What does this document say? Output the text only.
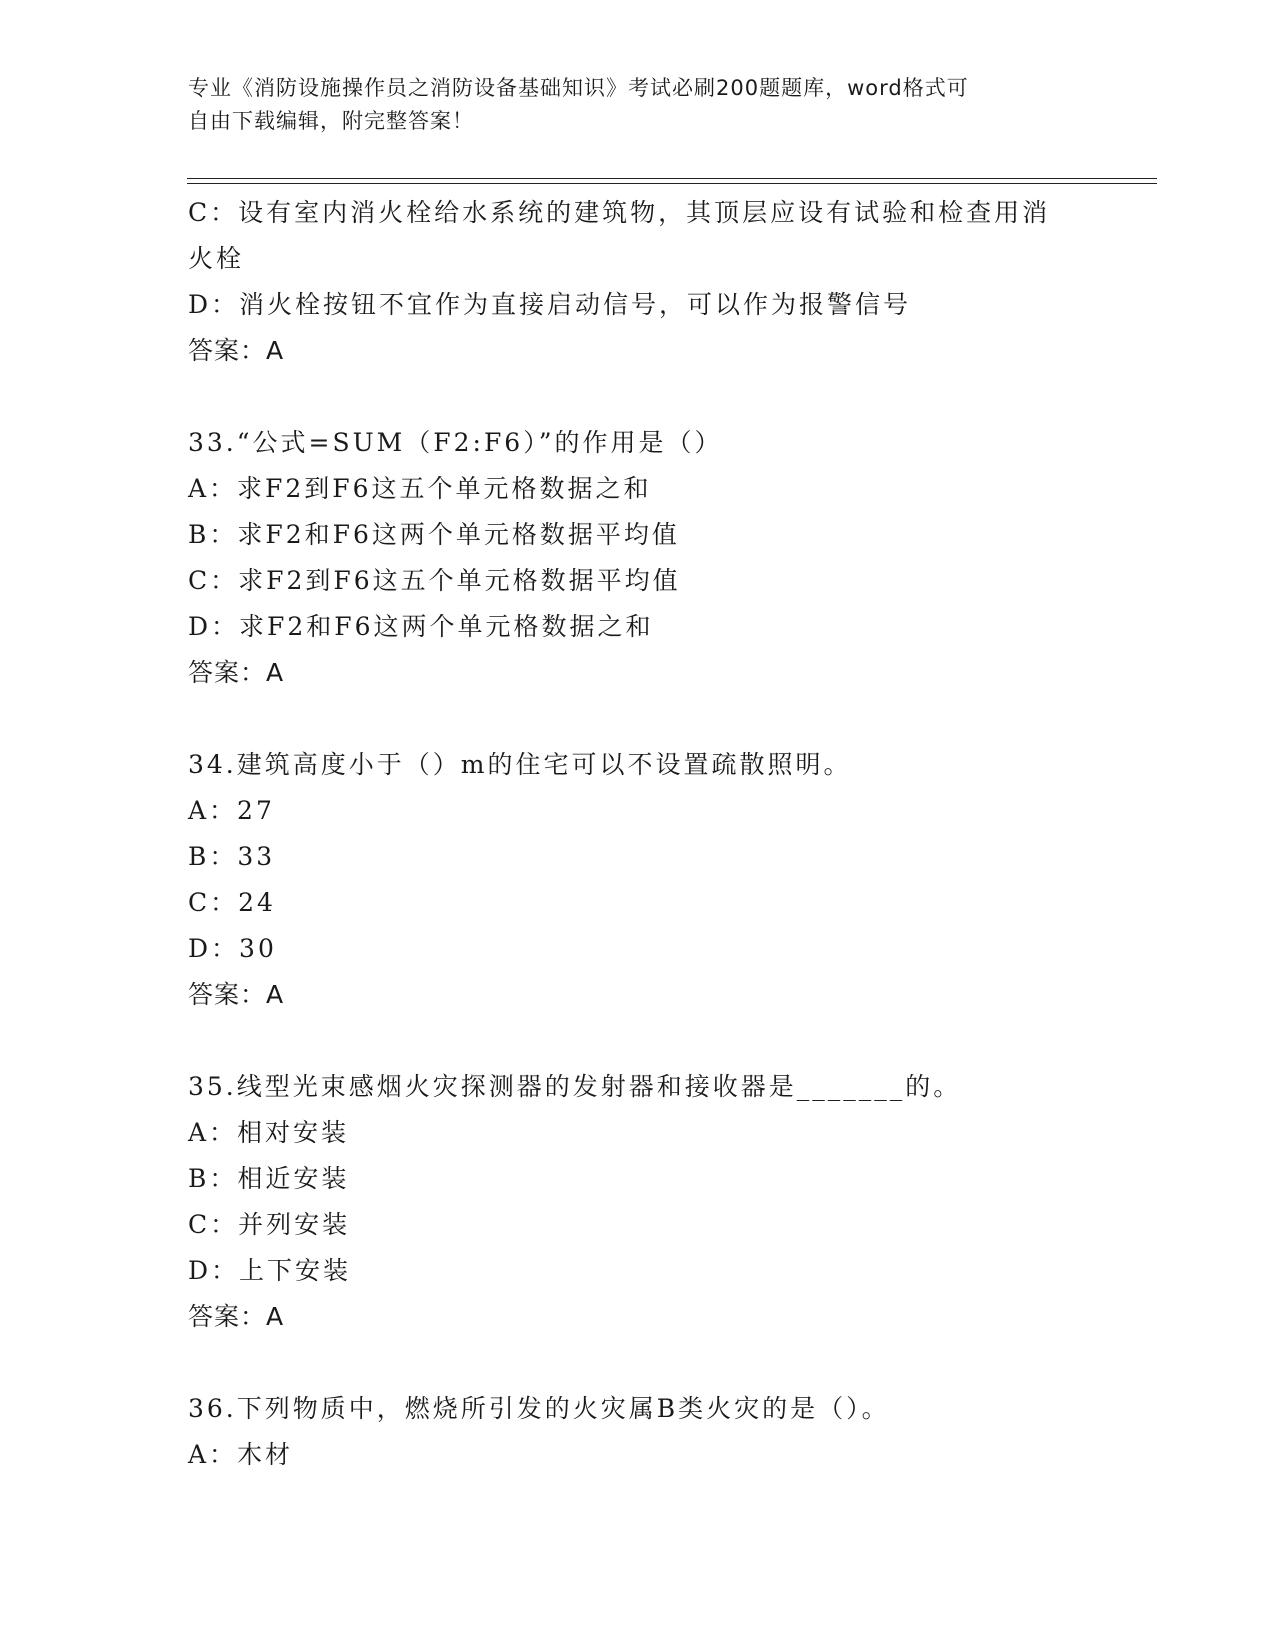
专业《消防设施操作员之消防设备基础知识》考试必刷200题题库，word格式可
自由下载编辑，附完整答案！
C：设有室内消火栓给水系统的建筑物，其顶层应设有试验和检查用消
火栓
D：消火栓按钮不宜作为直接启动信号，可以作为报警信号
答案：A
33.“公式=SUM（F2:F6）”的作用是（）
A：求F2到F6这五个单元格数据之和
B：求F2和F6这两个单元格数据平均值
C：求F2到F6这五个单元格数据平均值
D：求F2和F6这两个单元格数据之和
答案：A
34.建筑高度小于（）m的住宅可以不设置疏散照明。
A：27
B：33
C：24
D：30
答案：A
35.线型光束感烟火灾探测器的发射器和接收器是_______的。
A：相对安装
B：相近安装
C：并列安装
D：上下安装
答案：A
36.下列物质中，燃烧所引发的火灾属B类火灾的是（）。
A：木材
